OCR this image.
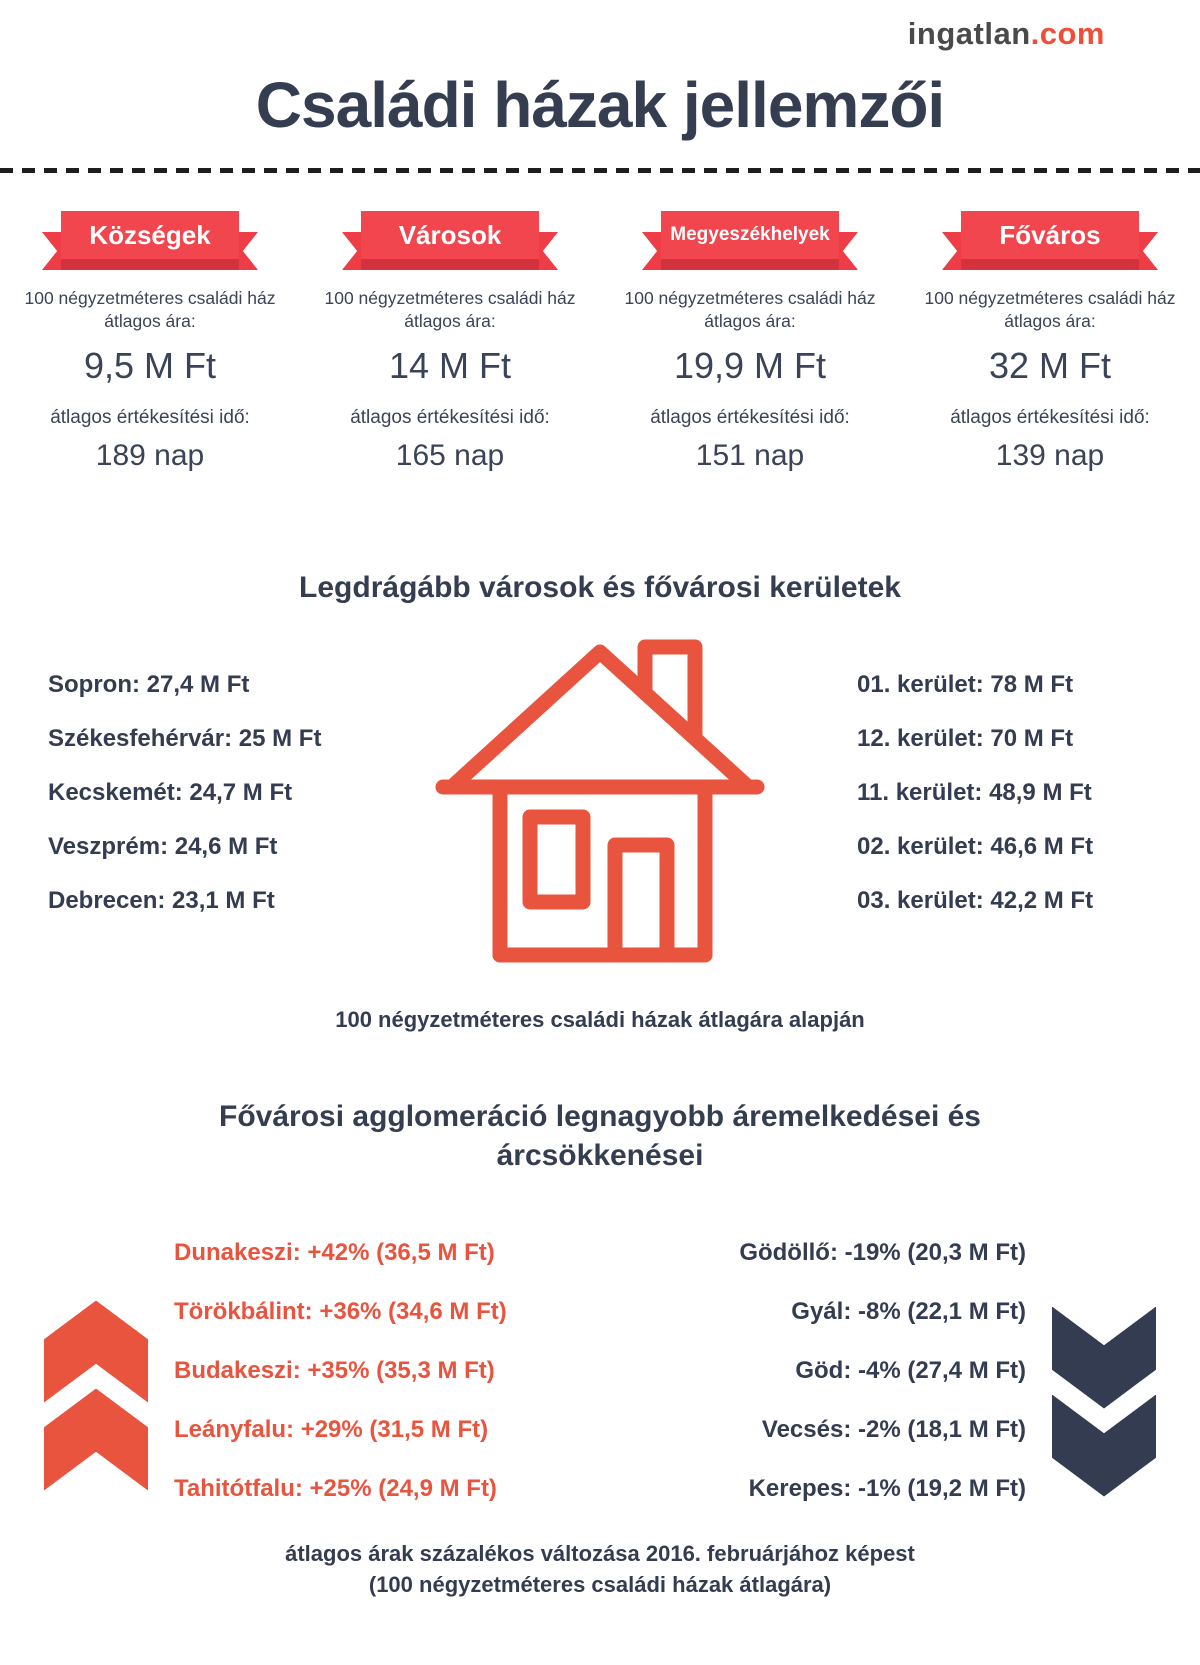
ingatlan.com
Családi házak jellemzői
Községek
100 négyzetméteres családi ház átlagos ára:
9,5 M Ft
átlagos értékesítési idő:
189 nap
Városok
100 négyzetméteres családi ház átlagos ára:
14 M Ft
átlagos értékesítési idő:
165 nap
Megyeszékhelyek
100 négyzetméteres családi ház átlagos ára:
19,9 M Ft
átlagos értékesítési idő:
151 nap
Főváros
100 négyzetméteres családi ház átlagos ára:
32 M Ft
átlagos értékesítési idő:
139 nap
Legdrágább városok és fővárosi kerületek
Sopron: 27,4 M Ft
Székesfehérvár: 25 M Ft
Kecskemét: 24,7 M Ft
Veszprém: 24,6 M Ft
Debrecen: 23,1 M Ft
01. kerület: 78 M Ft
12. kerület: 70 M Ft
11. kerület: 48,9 M Ft
02. kerület: 46,6 M Ft
03. kerület: 42,2 M Ft
100 négyzetméteres családi házak átlagára alapján
Fővárosi agglomeráció legnagyobb áremelkedései és árcsökkenései
Dunakeszi: +42% (36,5 M Ft)
Törökbálint: +36% (34,6 M Ft)
Budakeszi: +35% (35,3 M Ft)
Leányfalu: +29% (31,5 M Ft)
Tahitótfalu: +25% (24,9 M Ft)
Gödöllő: -19% (20,3 M Ft)
Gyál: -8% (22,1 M Ft)
Göd: -4% (27,4 M Ft)
Vecsés: -2% (18,1 M Ft)
Kerepes: -1% (19,2 M Ft)
átlagos árak százalékos változása 2016. februárjához képest
(100 négyzetméteres családi házak átlagára)
